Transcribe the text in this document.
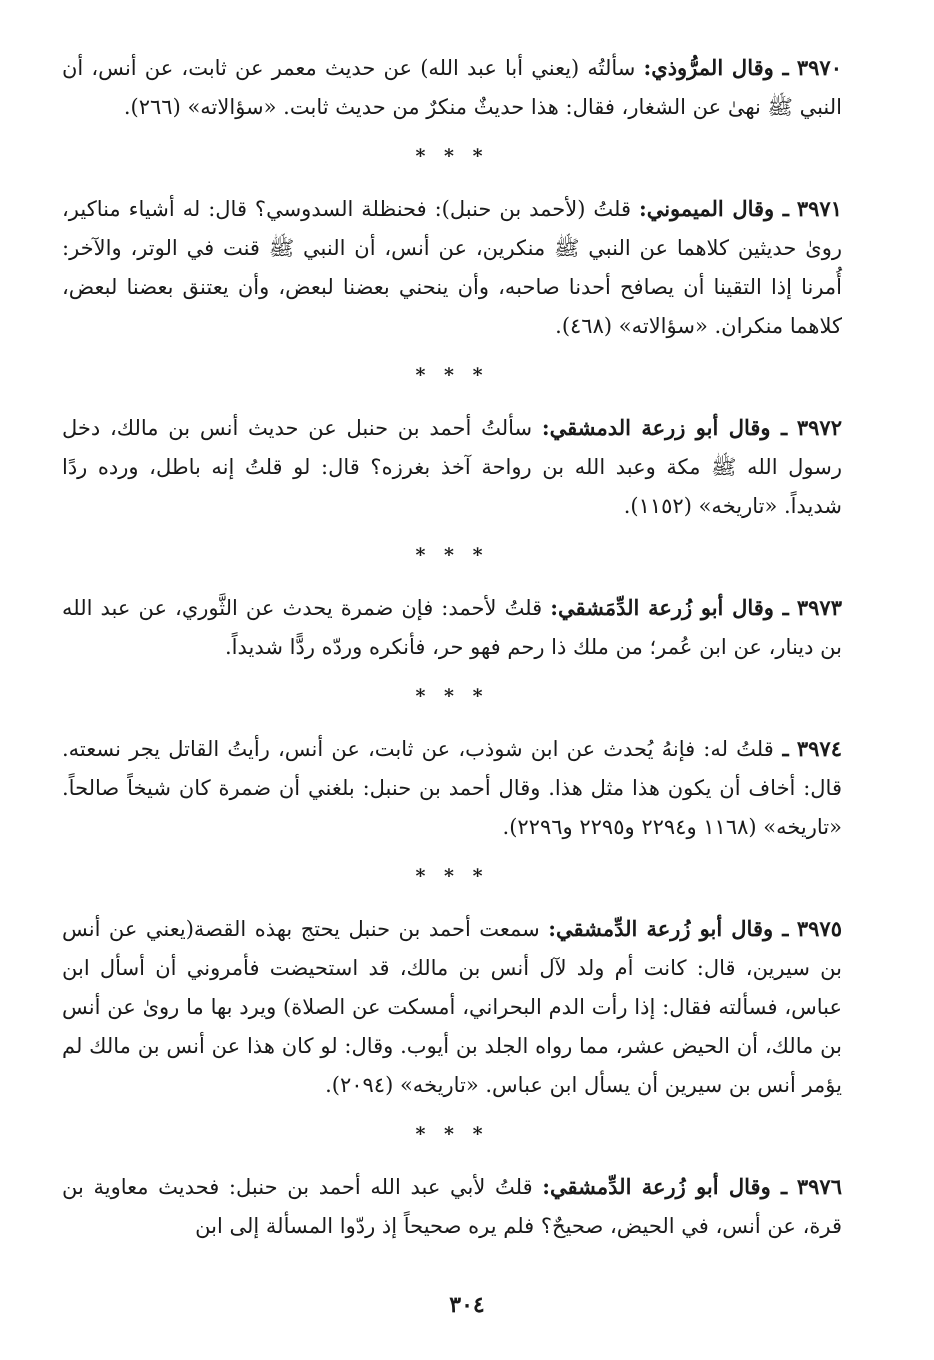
٣٩٧٠ ـ وقال المرُّوذي: سألتُه (يعني أبا عبد الله) عن حديث معمر عن ثابت، عن أنس، أن النبي ﷺ نهىٰ عن الشغار، فقال: هذا حديثٌ منكرٌ من حديث ثابت. «سؤالاته» (٢٦٦).

* * *

٣٩٧١ ـ وقال الميموني: قلتُ (لأحمد بن حنبل): فحنظلة السدوسي؟ قال: له أشياء مناكير، روىٰ حديثين كلاهما عن النبي ﷺ منكرين، عن أنس، أن النبي ﷺ قنت في الوتر، والآخر: أُمرنا إذا التقينا أن يصافح أحدنا صاحبه، وأن ينحني بعضنا لبعض، وأن يعتنق بعضنا لبعض، كلاهما منكران. «سؤالاته» (٤٦٨).

* * *

٣٩٧٢ ـ وقال أبو زرعة الدمشقي: سألتُ أحمد بن حنبل عن حديث أنس بن مالك، دخل رسول الله ﷺ مكة وعبد الله بن رواحة آخذ بغرزه؟ قال: لو قلتُ إنه باطل، ورده ردًا شديداً. «تاريخه» (١١٥٢).

* * *

٣٩٧٣ ـ وقال أبو زُرعة الدِّمَشقي: قلتُ لأحمد: فإن ضمرة يحدث عن الثَّوري، عن عبد الله بن دينار، عن ابن عُمر؛ من ملك ذا رحم فهو حر، فأنكره وردّه ردًّا شديداً.

* * *

٣٩٧٤ ـ قلتُ له: فإنهُ يُحدث عن ابن شوذب، عن ثابت، عن أنس، رأيتُ القاتل يجر نسعته. قال: أخاف أن يكون هذا مثل هذا. وقال أحمد بن حنبل: بلغني أن ضمرة كان شيخاً صالحاً. «تاريخه» (١١٦٨ و٢٢٩٤ و٢٢٩٥ و٢٢٩٦).

* * *

٣٩٧٥ ـ وقال أبو زُرعة الدِّمشقي: سمعت أحمد بن حنبل يحتج بهذه القصة(يعني عن أنس بن سيرين، قال: كانت أم ولد لآل أنس بن مالك، قد استحيضت فأمروني أن أسأل ابن عباس، فسألته فقال: إذا رأت الدم البحراني، أمسكت عن الصلاة) ويرد بها ما روىٰ عن أنس بن مالك، أن الحيض عشر، مما رواه الجلد بن أيوب. وقال: لو كان هذا عن أنس بن مالك لم يؤمر أنس بن سيرين أن يسأل ابن عباس. «تاريخه» (٢٠٩٤).

* * *

٣٩٧٦ ـ وقال أبو زُرعة الدِّمشقي: قلتُ لأبي عبد الله أحمد بن حنبل: فحديث معاوية بن قرة، عن أنس، في الحيض، صحيحٌ؟ فلم يره صحيحاً إذ ردّوا المسألة إلى ابن

٣٠٤
